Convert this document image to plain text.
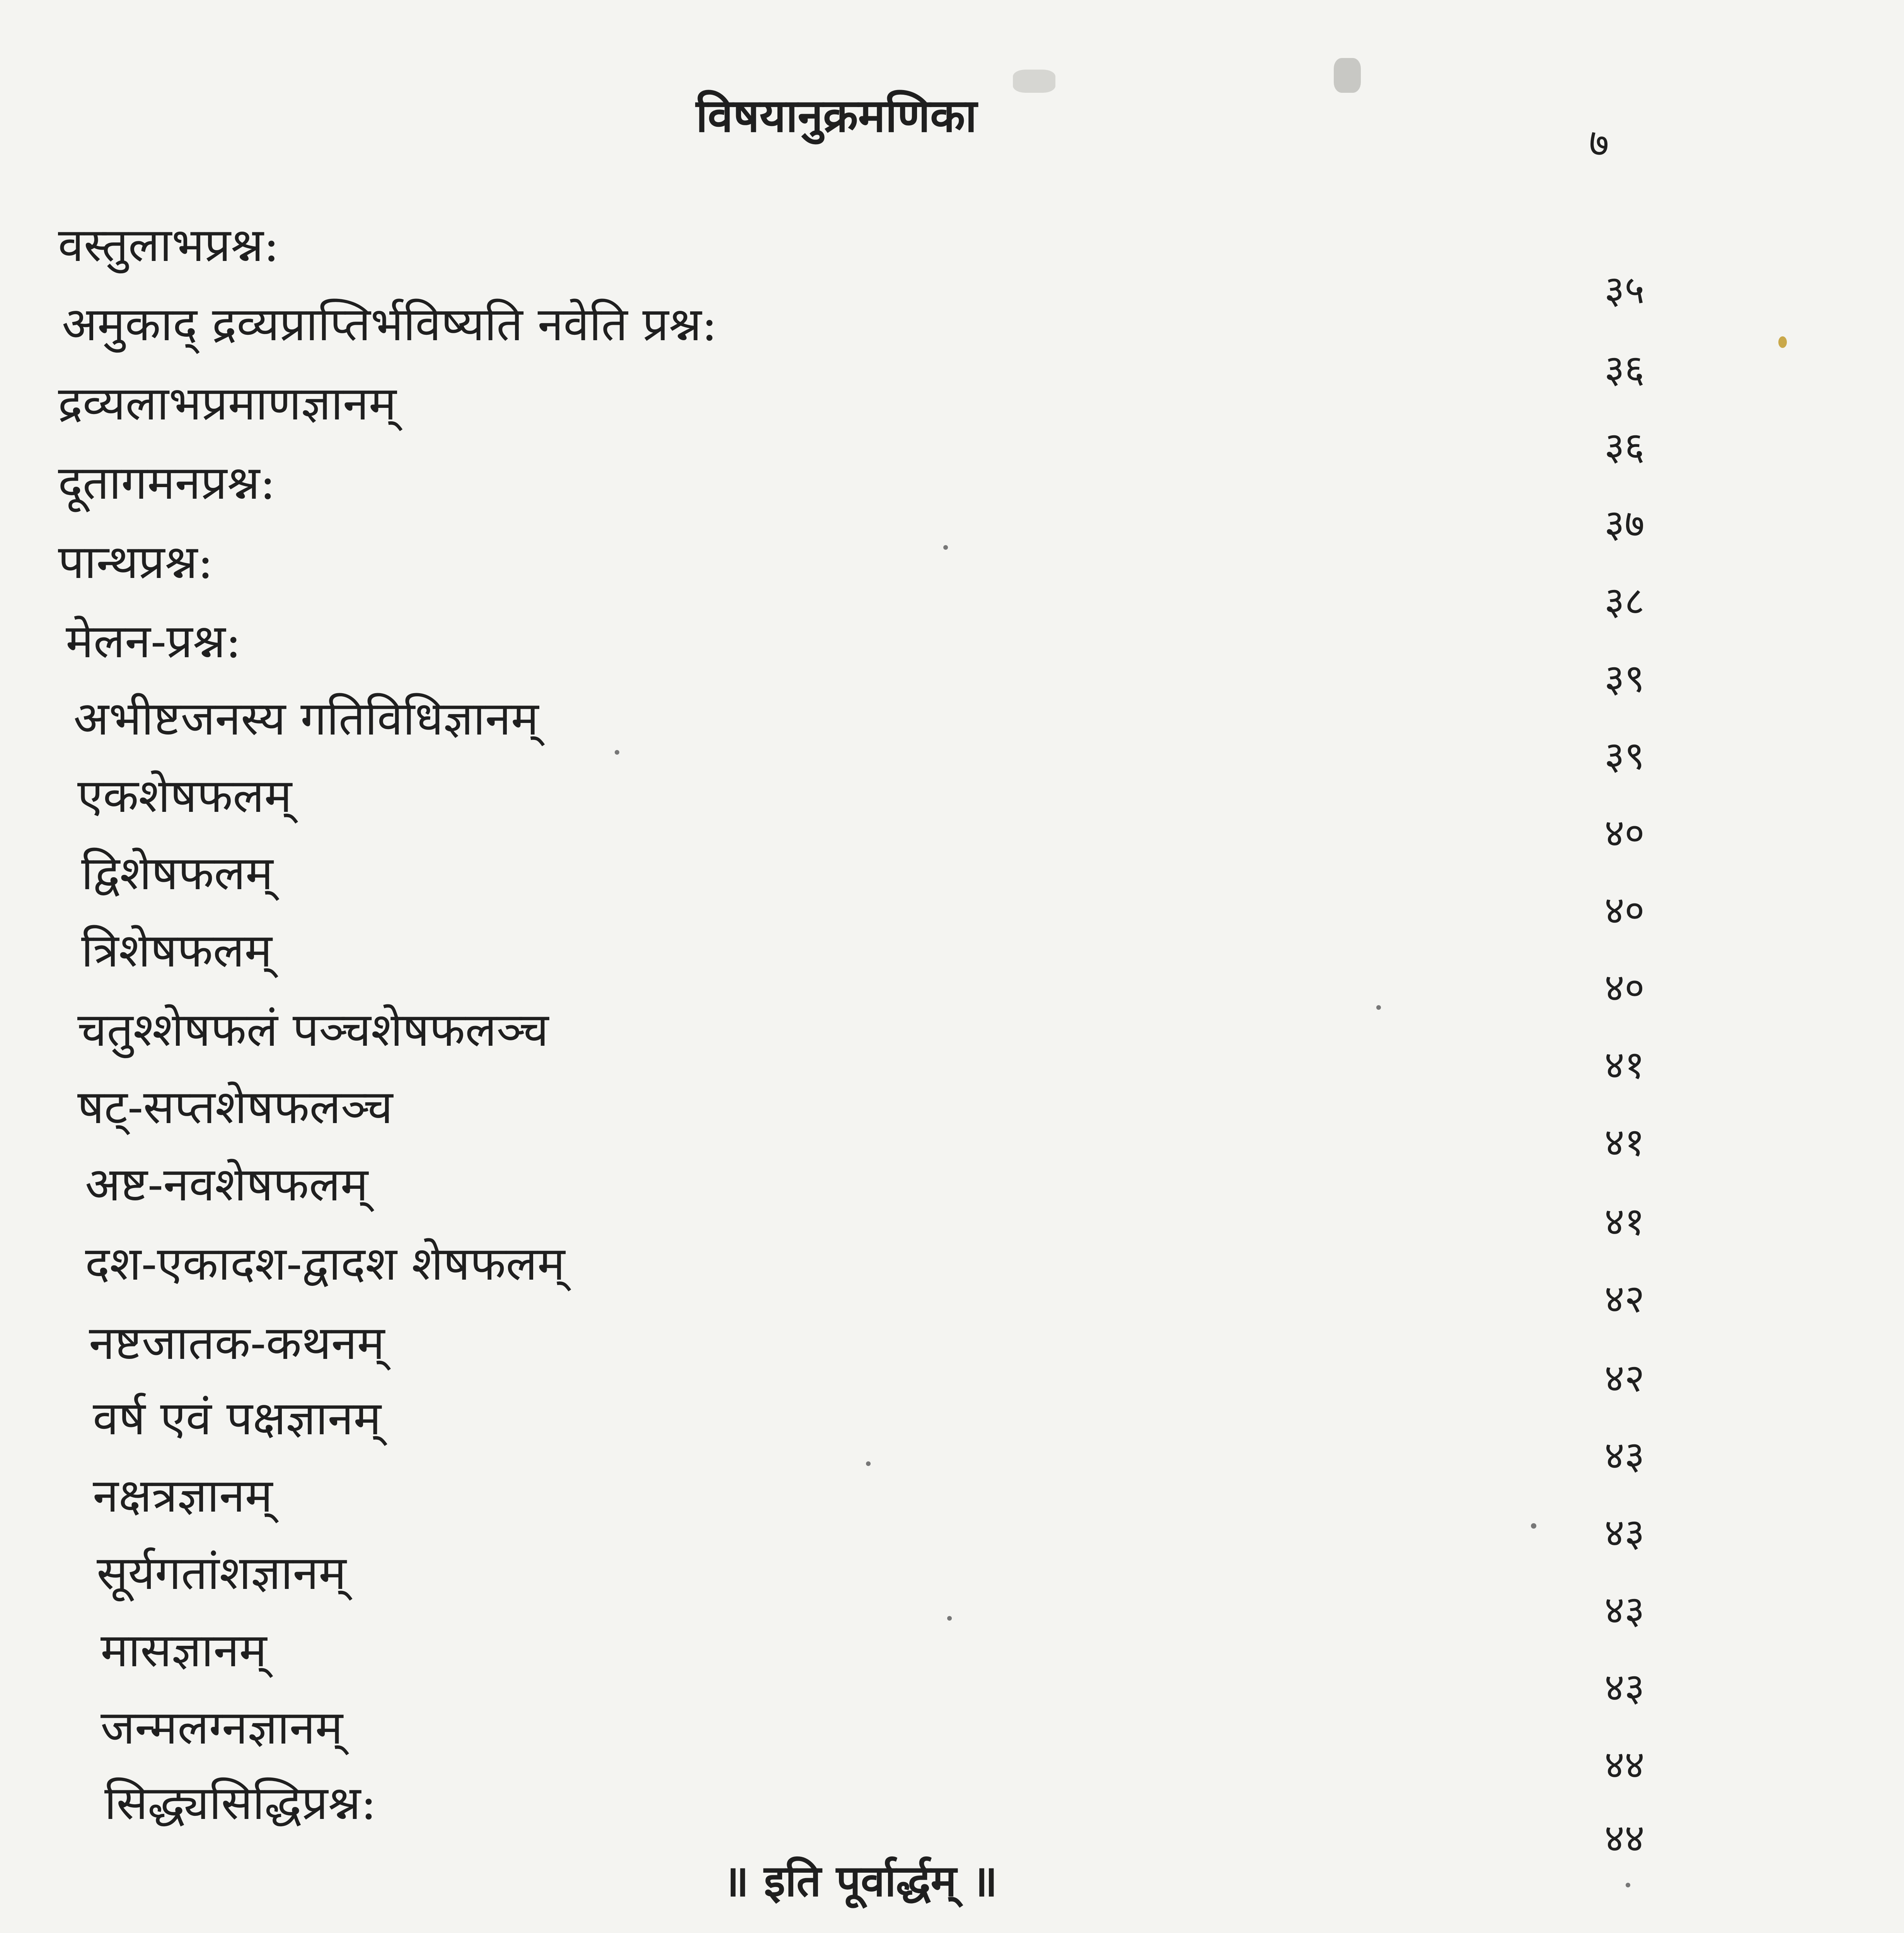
विषयानुक्रमणिका
७
वस्तुलाभप्रश्न:
३५
अमुकाद् द्रव्यप्राप्तिर्भविष्यति नवेति प्रश्न:
३६
द्रव्यलाभप्रमाणज्ञानम्
३६
दूतागमनप्रश्न:
३७
पान्थप्रश्न:
३८
मेलन-प्रश्न:
३९
अभीष्टजनस्य गतिविधिज्ञानम्
३९
एकशेषफलम्
४०
द्विशेषफलम्
४०
त्रिशेषफलम्
४०
चतुश्शेषफलं पञ्चशेषफलञ्च
४१
षट्-सप्तशेषफलञ्च
४१
अष्ट-नवशेषफलम्
४१
दश-एकादश-द्वादश शेषफलम्
४२
नष्टजातक-कथनम्
४२
वर्ष एवं पक्षज्ञानम्
४३
नक्षत्रज्ञानम्
४३
सूर्यगतांशज्ञानम्
४३
मासज्ञानम्
४३
जन्मलग्नज्ञानम्
४४
सिद्ध्यसिद्धिप्रश्न:
४४
॥ इति पूर्वार्द्धम् ॥
